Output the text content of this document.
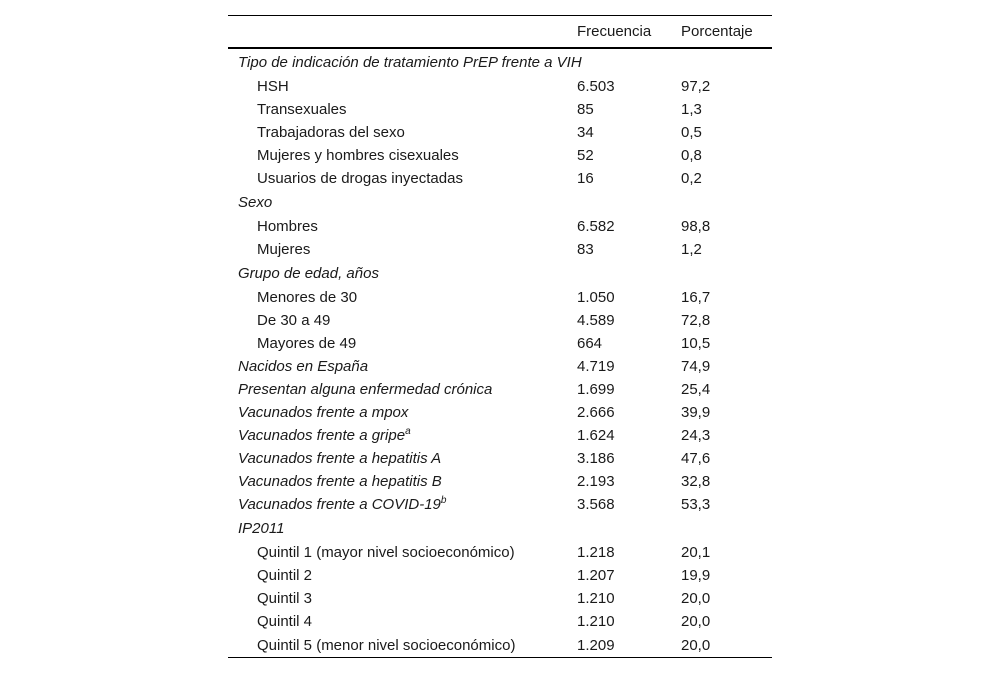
	Frecuencia	Porcentaje
Tipo de indicación de tratamiento PrEP frente a VIH		
HSH	6.503	97,2
Transexuales	85	1,3
Trabajadoras del sexo	34	0,5
Mujeres y hombres cisexuales	52	0,8
Usuarios de drogas inyectadas	16	0,2
Sexo		
Hombres	6.582	98,8
Mujeres	83	1,2
Grupo de edad, años		
Menores de 30	1.050	16,7
De 30 a 49	4.589	72,8
Mayores de 49	664	10,5
Nacidos en España	4.719	74,9
Presentan alguna enfermedad crónica	1.699	25,4
Vacunados frente a mpox	2.666	39,9
Vacunados frente a gripe$^a$	1.624	24,3
Vacunados frente a hepatitis A	3.186	47,6
Vacunados frente a hepatitis B	2.193	32,8
Vacunados frente a COVID-19$^b$	3.568	53,3
IP2011		
Quintil 1 (mayor nivel socioeconómico)	1.218	20,1
Quintil 2	1.207	19,9
Quintil 3	1.210	20,0
Quintil 4	1.210	20,0
Quintil 5 (menor nivel socioeconómico)	1.209	20,0
